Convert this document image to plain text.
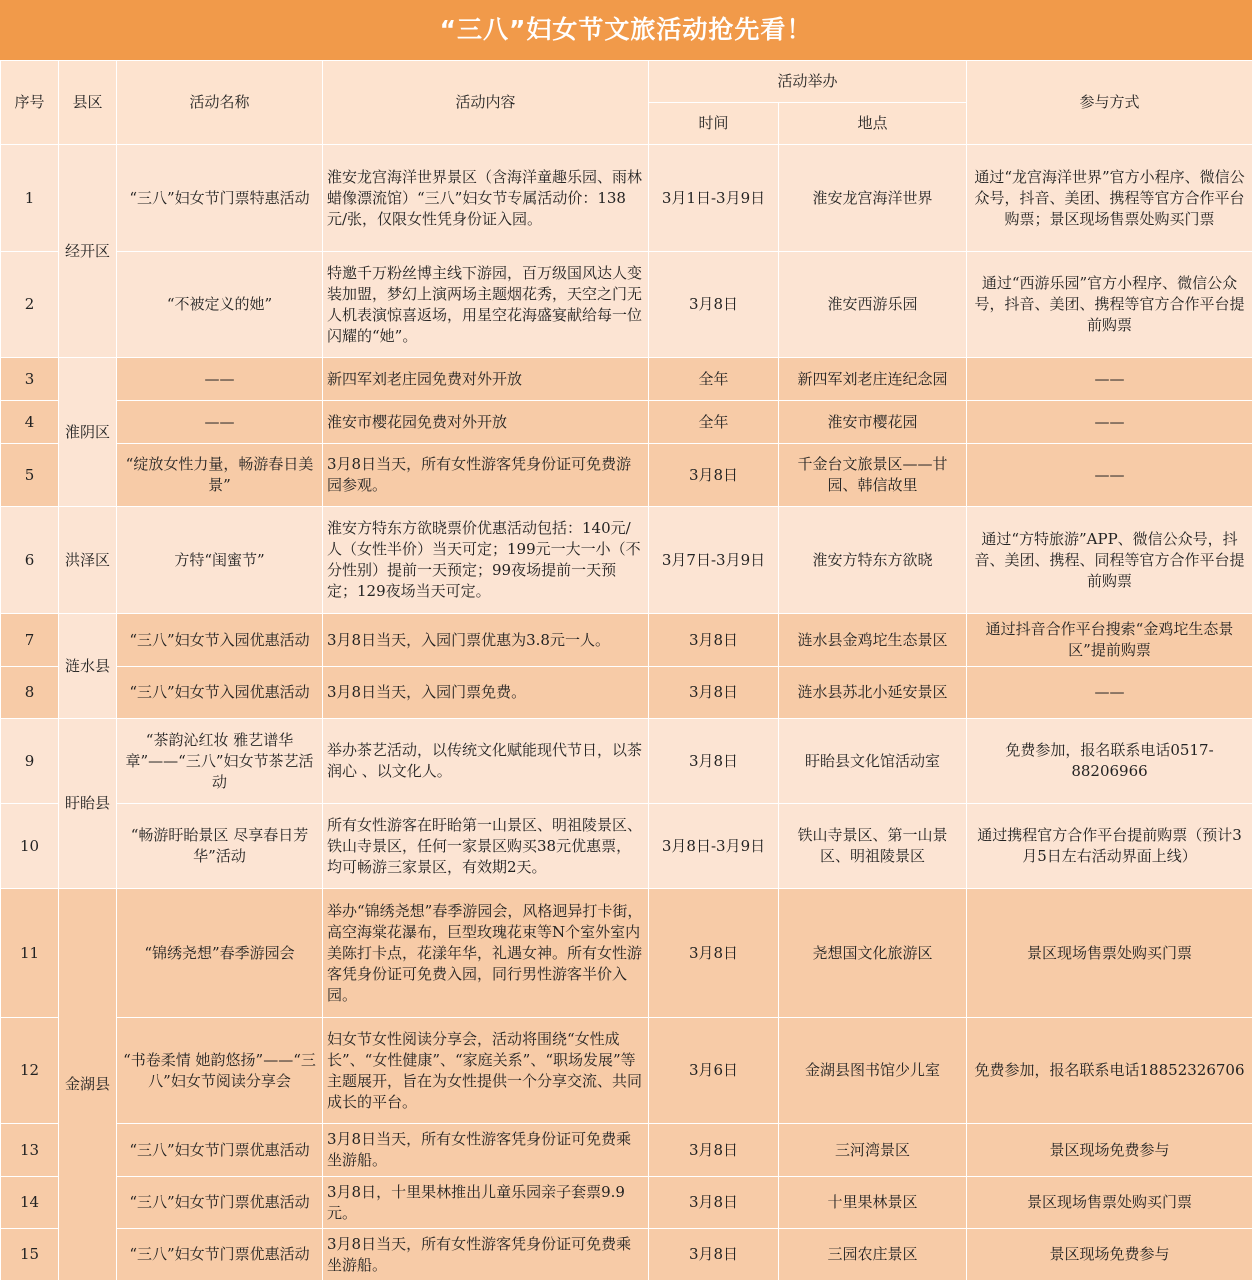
“三八”妇女节文旅活动抢先看！
序号	县区	活动名称	活动内容	活动举办		参与方式
				时间	地点	
1	经开区	“三八”妇女节门票特惠活动	淮安龙宫海洋世界景区（含海洋童趣乐园、雨林蜡像漂流馆）“三八”妇女节专属活动价：138元/张，仅限女性凭身份证入园。	3月1日-3月9日	淮安龙宫海洋世界	通过“龙宫海洋世界”官方小程序、微信公众号，抖音、美团、携程等官方合作平台购票；景区现场售票处购买门票
2		“不被定义的她”	特邀千万粉丝博主线下游园，百万级国风达人变装加盟，梦幻上演两场主题烟花秀，天空之门无人机表演惊喜返场，用星空花海盛宴献给每一位闪耀的“她”。	3月8日	淮安西游乐园	通过“西游乐园”官方小程序、微信公众号，抖音、美团、携程等官方合作平台提前购票
3	淮阴区	——	新四军刘老庄园免费对外开放	全年	新四军刘老庄连纪念园	——
4		——	淮安市樱花园免费对外开放	全年	淮安市樱花园	——
5		“绽放女性力量，畅游春日美景”	3月8日当天，所有女性游客凭身份证可免费游园参观。	3月8日	千金台文旅景区——甘园、韩信故里	——
6	洪泽区	方特“闺蜜节”	淮安方特东方欲晓票价优惠活动包括：140元/人（女性半价）当天可定；199元一大一小（不分性别）提前一天预定；99夜场提前一天预定；129夜场当天可定。	3月7日-3月9日	淮安方特东方欲晓	通过“方特旅游”APP、微信公众号，抖音、美团、携程、同程等官方合作平台提前购票
7	涟水县	“三八”妇女节入园优惠活动	3月8日当天，入园门票优惠为3.8元一人。	3月8日	涟水县金鸡坨生态景区	通过抖音合作平台搜索“金鸡坨生态景区”提前购票
8		“三八”妇女节入园优惠活动	3月8日当天，入园门票免费。	3月8日	涟水县苏北小延安景区	——
9	盱眙县	“茶韵沁红妆 雅艺谱华章”——“三八”妇女节茶艺活动	举办茶艺活动，以传统文化赋能现代节日，以茶润心 、以文化人。	3月8日	盱眙县文化馆活动室	免费参加，报名联系电话0517-88206966
10		“畅游盱眙景区 尽享春日芳华”活动	所有女性游客在盱眙第一山景区、明祖陵景区、铁山寺景区，任何一家景区购买38元优惠票，均可畅游三家景区，有效期2天。	3月8日-3月9日	铁山寺景区、第一山景区、明祖陵景区	通过携程官方合作平台提前购票（预计3月5日左右活动界面上线）
11	金湖县	“锦绣尧想”春季游园会	举办“锦绣尧想”春季游园会，风格迥异打卡街，高空海棠花瀑布，巨型玫瑰花束等N个室外室内美陈打卡点，花漾年华，礼遇女神。所有女性游客凭身份证可免费入园，同行男性游客半价入园。	3月8日	尧想国文化旅游区	景区现场售票处购买门票
12		“书卷柔情 她韵悠扬”——“三八”妇女节阅读分享会	妇女节女性阅读分享会，活动将围绕“女性成长”、“女性健康”、“家庭关系”、“职场发展”等主题展开，旨在为女性提供一个分享交流、共同成长的平台。	3月6日	金湖县图书馆少儿室	免费参加，报名联系电话18852326706
13		“三八”妇女节门票优惠活动	3月8日当天，所有女性游客凭身份证可免费乘坐游船。	3月8日	三河湾景区	景区现场免费参与
14		“三八”妇女节门票优惠活动	3月8日，十里果林推出儿童乐园亲子套票9.9元。	3月8日	十里果林景区	景区现场售票处购买门票
15		“三八”妇女节门票优惠活动	3月8日当天，所有女性游客凭身份证可免费乘坐游船。	3月8日	三园农庄景区	景区现场免费参与
